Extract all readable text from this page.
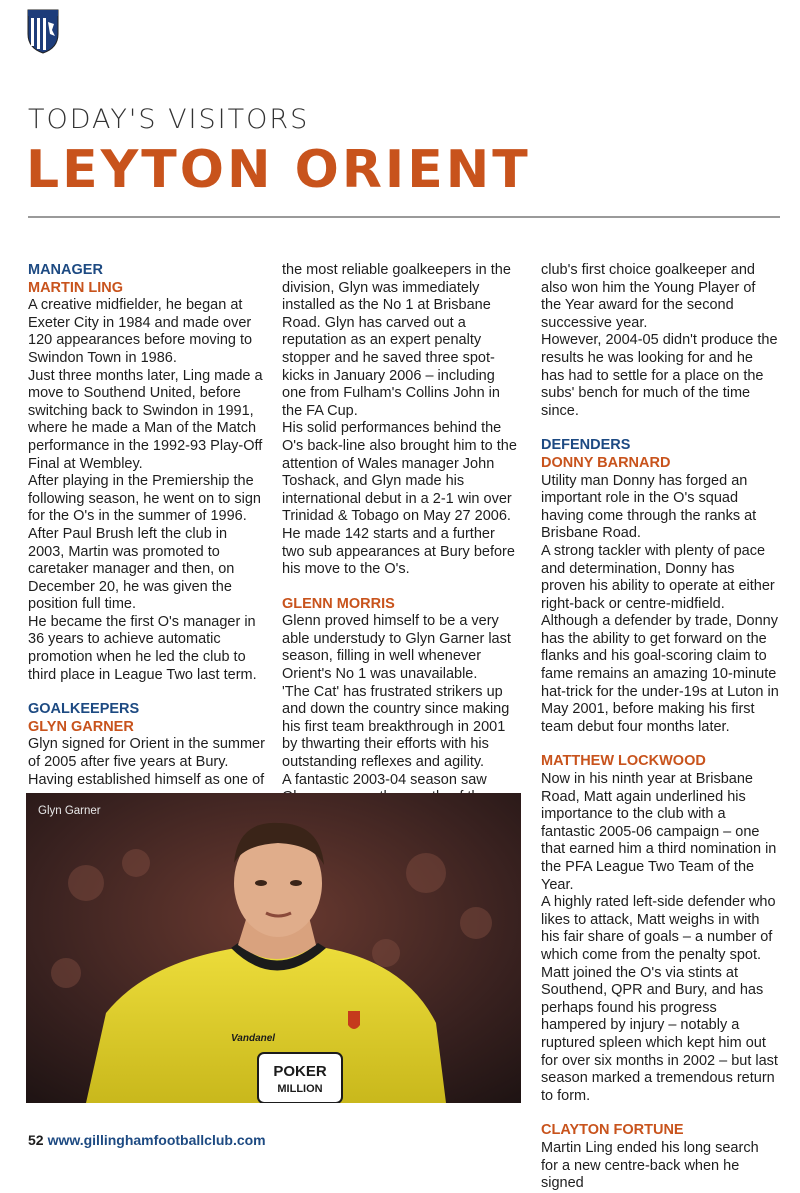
TODAY'S VISITORS
LEYTON ORIENT

MANAGER

MARTIN LING

A creative midfielder, he began at Exeter City in 1984 and made over 120 appearances before moving to Swindon Town in 1986.

Just three months later, Ling made a move to Southend United, before switching back to Swindon in 1991, where he made a Man of the Match performance in the 1992-93 Play-Off Final at Wembley.

After playing in the Premiership the following season, he went on to sign for the O's in the summer of 1996.

After Paul Brush left the club in 2003, Martin was promoted to caretaker manager and then, on December 20, he was given the position full time.

He became the first O's manager in 36 years to achieve automatic promotion when he led the club to third place in League Two last term.

GOALKEEPERS

GLYN GARNER

Glyn signed for Orient in the summer of 2005 after five years at Bury. Having established himself as one of

the most reliable goalkeepers in the division, Glyn was immediately installed as the No 1 at Brisbane Road. Glyn has carved out a reputation as an expert penalty stopper and he saved three spot-kicks in January 2006 – including one from Fulham's Collins John in the FA Cup.

His solid performances behind the O's back-line also brought him to the attention of Wales manager John Toshack, and Glyn made his international debut in a 2-1 win over Trinidad & Tobago on May 27 2006. He made 142 starts and a further two sub appearances at Bury before his move to the O's.

GLENN MORRIS

Glenn proved himself to be a very able understudy to Glyn Garner last season, filling in well whenever Orient's No 1 was unavailable.

'The Cat' has frustrated strikers up and down the country since making his first team breakthrough in 2001 by thwarting their efforts with his outstanding reflexes and agility.

A fantastic 2003-04 season saw

club's first choice goalkeeper and also won him the Young Player of the Year award for the second successive year.

However, 2004-05 didn't produce the results he was looking for and he has had to settle for a place on the subs' bench for much of the time since.

DEFENDERS

DONNY BARNARD

Utility man Donny has forged an important role in the O's squad having come through the ranks at Brisbane Road.

A strong tackler with plenty of pace and determination, Donny has proven his ability to operate at either right-back or centre-midfield.

Although a defender by trade, Donny has the ability to get forward on the flanks and his goal-scoring claim to fame remains an amazing 10-minute hat-trick for the under-19s at Luton in May 2001, before making his first team debut four months later.

MATTHEW LOCKWOOD

Now in his ninth year at Brisbane Road, Matt again underlined his importance to the club with a fantastic 2005-06 campaign – one that earned him a third nomination in the PFA League Two Team of the Year.

A highly rated left-side defender who likes to attack, Matt weighs in with his fair share of goals – a number of which come from the penalty spot.

Matt joined the O's via stints at Southend, QPR and Bury, and has perhaps found his progress hampered by injury – notably a ruptured spleen which kept him out for over six months in 2002 – but last season marked a tremendous return to form.

CLAYTON FORTUNE

Martin Ling ended his long search for a new centre-back when he signed

Glyn Garner
Vandanel
POKER
MILLION
52 www.gillinghamfootballclub.com
